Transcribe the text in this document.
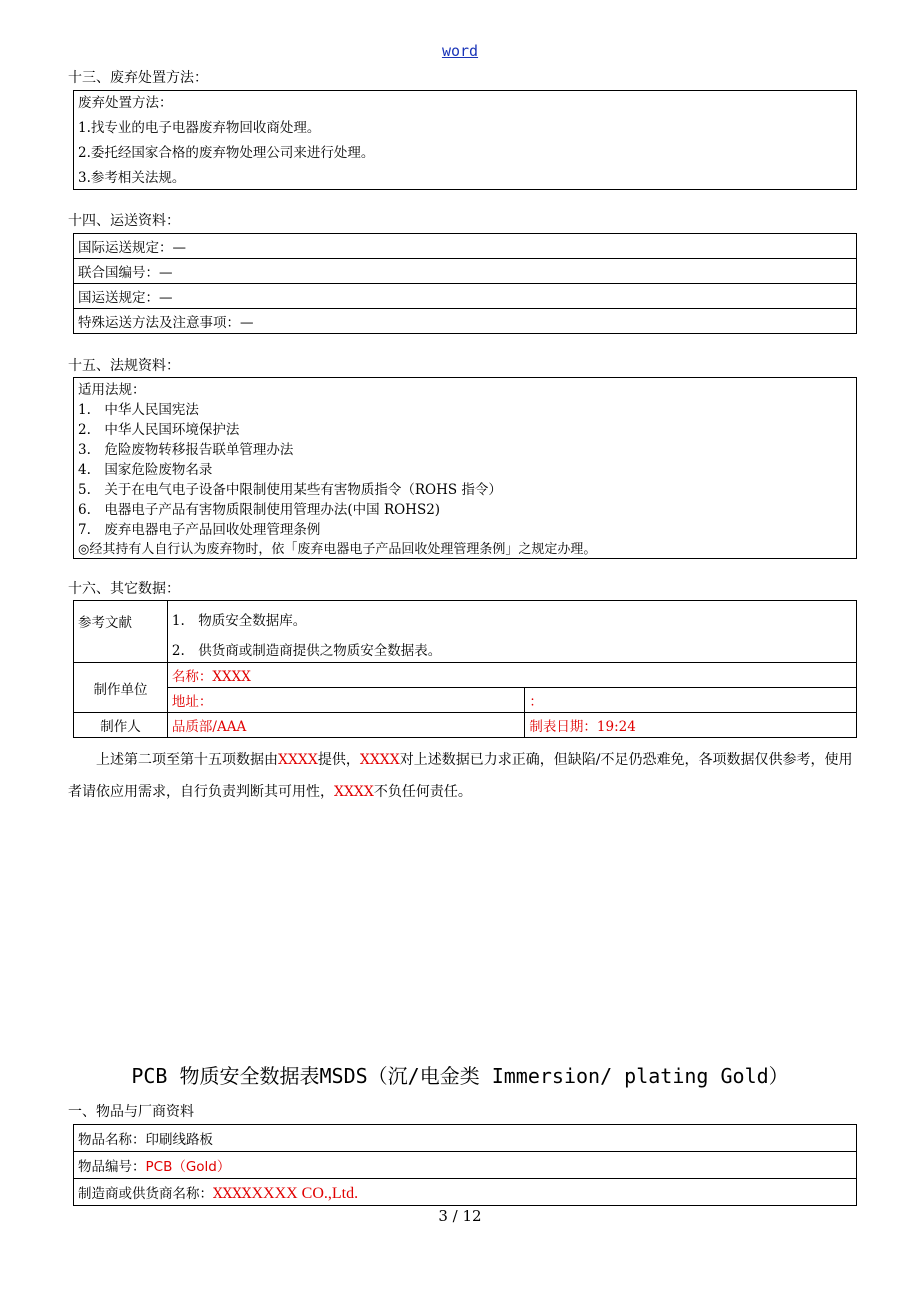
word
十三、废弃处置方法：
废弃处置方法：
1.找专业的电子电器废弃物回收商处理。
2.委托经国家合格的废弃物处理公司来进行处理。
3.参考相关法规。
十四、运送资料：
国际运送规定：—
联合国编号：—
国运送规定：—
特殊运送方法及注意事项：—
十五、法规资料：
适用法规：
1.　中华人民国宪法
2.　中华人民国环境保护法
3.　危险废物转移报告联单管理办法
4.　国家危险废物名录
5.　关于在电气电子设备中限制使用某些有害物质指令（ROHS 指令）
6.　电器电子产品有害物质限制使用管理办法(中国 ROHS2)
7.　废弃电器电子产品回收处理管理条例
◎经其持有人自行认为废弃物时，依「废弃电器电子产品回收处理管理条例」之规定办理。
十六、其它数据：
参考文献	1.　物质安全数据库。
2.　供货商或制造商提供之物质安全数据表。	

制作单位	名称：XXXX	
	地址：	：
制作人	品质部/AAA	制表日期：19:24
上述第二项至第十五项数据由XXXX提供，XXXX对上述数据已力求正确，但缺陷/不足仍恐难免，各项数据仅供参考，使用者请依应用需求，自行负责判断其可用性，XXXX不负任何责任。
PCB 物质安全数据表MSDS（沉/电金类 Immersion/ plating Gold）
一、物品与厂商资料
物品名称：印刷线路板
物品编号：PCB（Gold）
制造商或供货商名称：XXXXXXXX CO.,Ltd.
3 / 12
